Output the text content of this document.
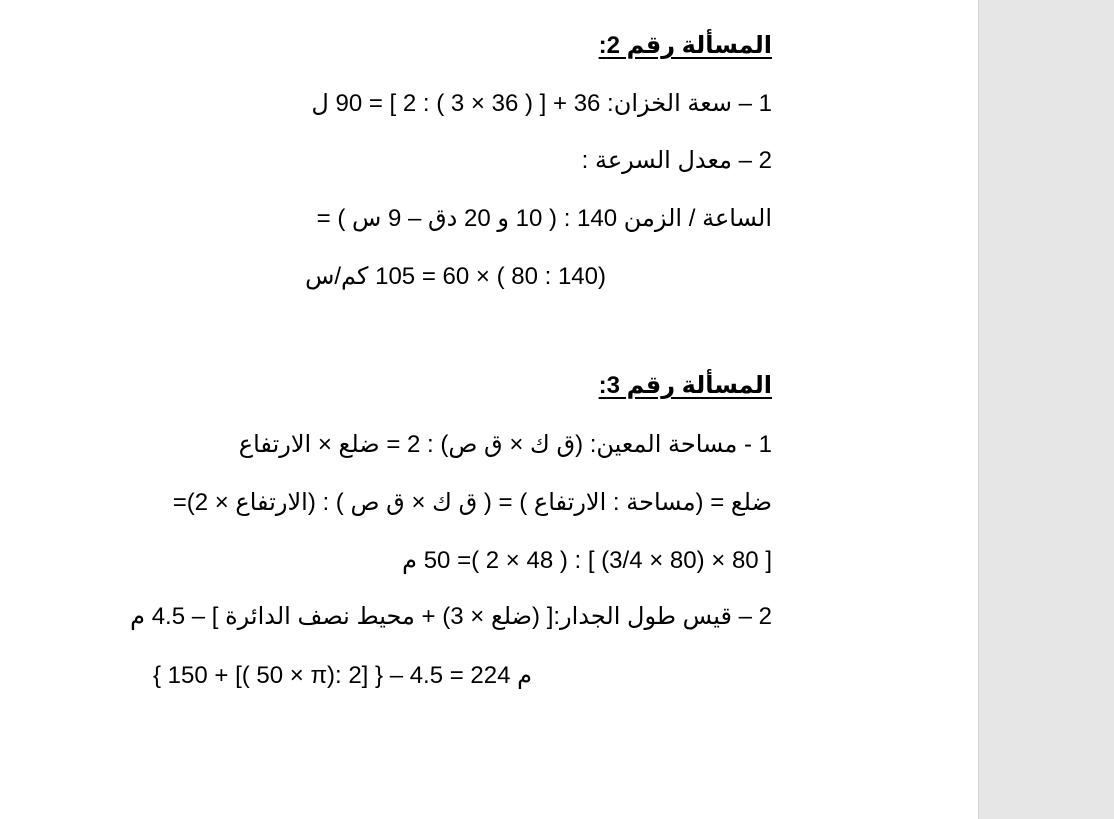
المسألة رقم 2:
1 – سعة الخزان: 36 + [ ( 36 × 3 ) : 2 ] = 90 ل
2 – معدل السرعة :
الساعة / الزمن 140 : ( 10 و 20 دق – 9 س ) =
(140 : 80 ) × 60 = 105 كم/س
المسألة رقم 3:
1 - مساحة المعين: (ق ك × ق ص) : 2 = ضلع × الارتفاع
ضلع = (مساحة : الارتفاع ) = ( ق ك × ق ص ) : (الارتفاع × 2)=
[ 80 × (80 × 3/4) ] : ( 48 × 2 )= 50 م
2 – قيس طول الجدار:[ (ضلع × 3) + محيط نصف الدائرة ] – 4.5 م
{ 150 + [( 50 × π): 2] } – 4.5 = 224 م
